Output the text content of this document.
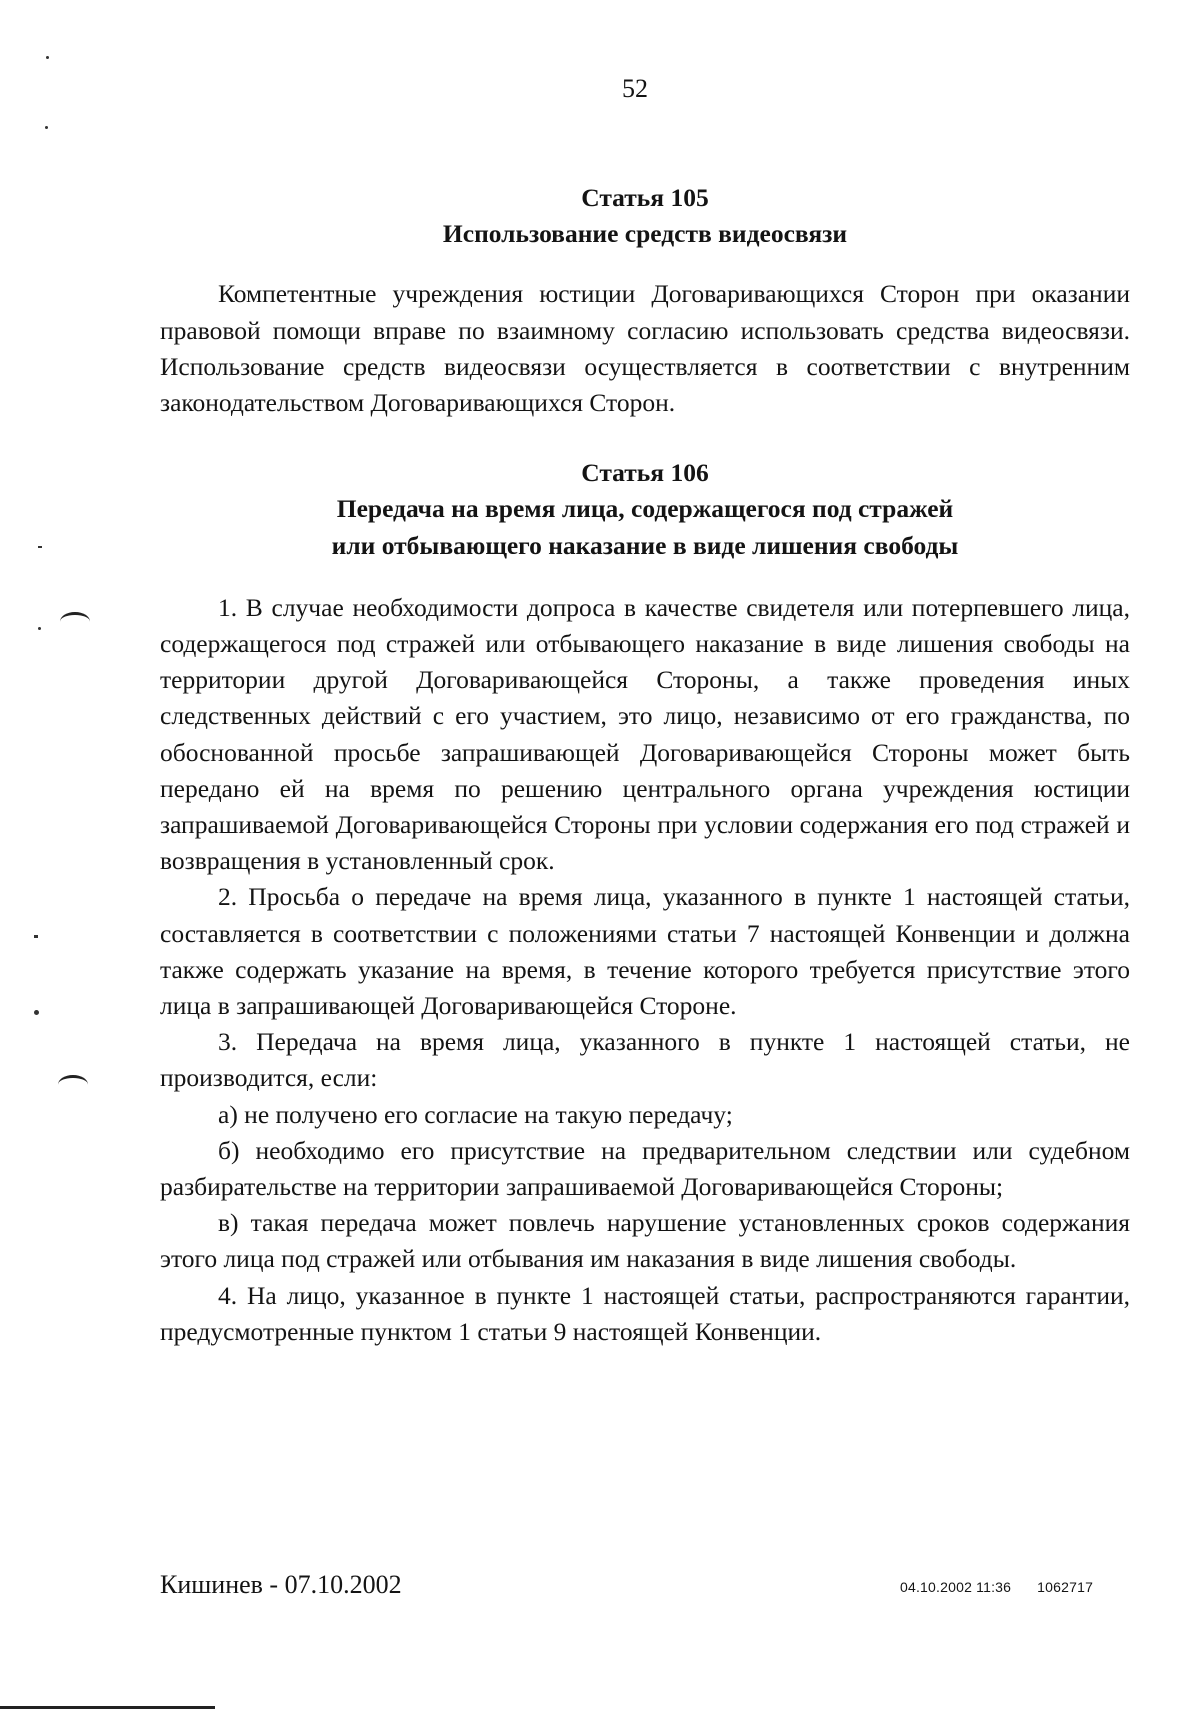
52
Статья 105
Использование средств видеосвязи

Компетентные учреждения юстиции Договаривающихся Сторон при оказании правовой помощи вправе по взаимному согласию использовать средства видеосвязи. Использование средств видеосвязи осуществляется в соответствии с внутренним законодательством Договаривающихся Сторон.

Статья 106
Передача на время лица, содержащегося под стражей
или отбывающего наказание в виде лишения свободы

1. В случае необходимости допроса в качестве свидетеля или потерпевшего лица, содержащегося под стражей или отбывающего наказание в виде лишения свободы на территории другой Договаривающейся Стороны, а также проведения иных следственных действий с его участием, это лицо, независимо от его гражданства, по обоснованной просьбе запрашивающей Договаривающейся Стороны может быть передано ей на время по решению центрального органа учреждения юстиции запрашиваемой Договаривающейся Стороны при условии содержания его под стражей и возвращения в установленный срок.

2. Просьба о передаче на время лица, указанного в пункте 1 настоящей статьи, составляется в соответствии с положениями статьи 7 настоящей Конвенции и должна также содержать указание на время, в течение которого требуется присутствие этого лица в запрашивающей Договаривающейся Стороне.

3. Передача на время лица, указанного в пункте 1 настоящей статьи, не производится, если:

а) не получено его согласие на такую передачу;

б) необходимо его присутствие на предварительном следствии или судебном разбирательстве на территории запрашиваемой Договаривающейся Стороны;

в) такая передача может повлечь нарушение установленных сроков содержания этого лица под стражей или отбывания им наказания в виде лишения свободы.

4. На лицо, указанное в пункте 1 настоящей статьи, распространяются гарантии, предусмотренные пунктом 1 статьи 9 настоящей Конвенции.

Кишинев - 07.10.2002	04.10.2002 11:36 1062717
